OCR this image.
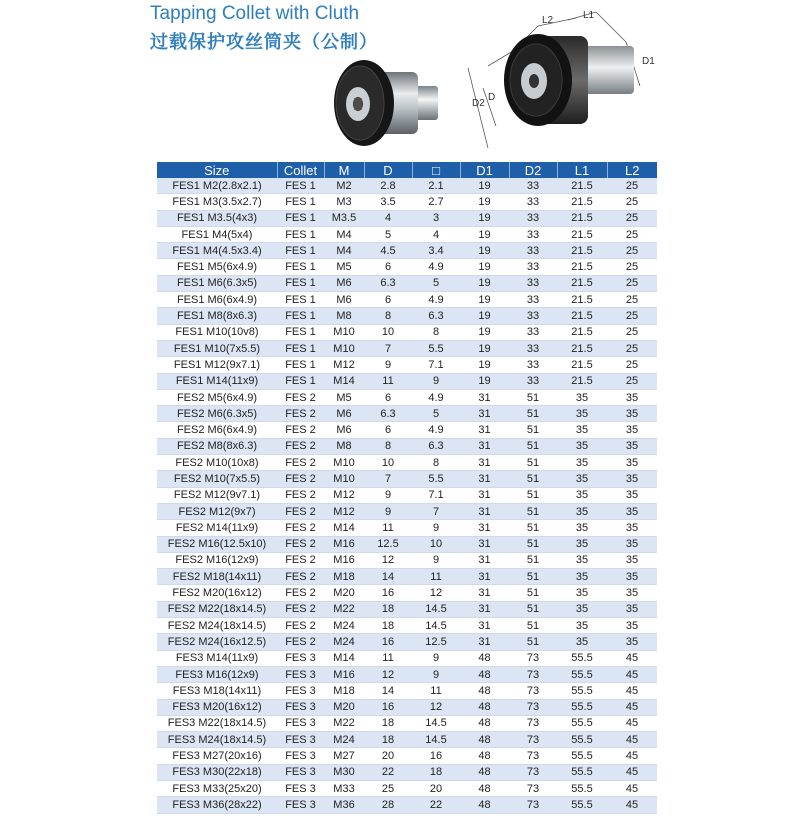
Tapping Collet with Cluth
过载保护攻丝筒夹（公制）
L2	L1
D1
D2
D
Size	Collet	M	D	□	D1	D2	L1	L2
FES1 M2(2.8x2.1)	FES 1	M2	2.8	2.1	19	33	21.5	25
FES1 M3(3.5x2.7)	FES 1	M3	3.5	2.7	19	33	21.5	25
FES1 M3.5(4x3)	FES 1	M3.5	4	3	19	33	21.5	25
FES1 M4(5x4)	FES 1	M4	5	4	19	33	21.5	25
FES1 M4(4.5x3.4)	FES 1	M4	4.5	3.4	19	33	21.5	25
FES1 M5(6x4.9)	FES 1	M5	6	4.9	19	33	21.5	25
FES1 M6(6.3x5)	FES 1	M6	6.3	5	19	33	21.5	25
FES1 M6(6x4.9)	FES 1	M6	6	4.9	19	33	21.5	25
FES1 M8(8x6.3)	FES 1	M8	8	6.3	19	33	21.5	25
FES1 M10(10v8)	FES 1	M10	10	8	19	33	21.5	25
FES1 M10(7x5.5)	FES 1	M10	7	5.5	19	33	21.5	25
FES1 M12(9x7.1)	FES 1	M12	9	7.1	19	33	21.5	25
FES1 M14(11x9)	FES 1	M14	11	9	19	33	21.5	25
FES2 M5(6x4.9)	FES 2	M5	6	4.9	31	51	35	35
FES2 M6(6.3x5)	FES 2	M6	6.3	5	31	51	35	35
FES2 M6(6x4.9)	FES 2	M6	6	4.9	31	51	35	35
FES2 M8(8x6.3)	FES 2	M8	8	6.3	31	51	35	35
FES2 M10(10x8)	FES 2	M10	10	8	31	51	35	35
FES2 M10(7x5.5)	FES 2	M10	7	5.5	31	51	35	35
FES2 M12(9v7.1)	FES 2	M12	9	7.1	31	51	35	35
FES2 M12(9x7)	FES 2	M12	9	7	31	51	35	35
FES2 M14(11x9)	FES 2	M14	11	9	31	51	35	35
FES2 M16(12.5x10)	FES 2	M16	12.5	10	31	51	35	35
FES2 M16(12x9)	FES 2	M16	12	9	31	51	35	35
FES2 M18(14x11)	FES 2	M18	14	11	31	51	35	35
FES2 M20(16x12)	FES 2	M20	16	12	31	51	35	35
FES2 M22(18x14.5)	FES 2	M22	18	14.5	31	51	35	35
FES2 M24(18x14.5)	FES 2	M24	18	14.5	31	51	35	35
FES2 M24(16x12.5)	FES 2	M24	16	12.5	31	51	35	35
FES3 M14(11x9)	FES 3	M14	11	9	48	73	55.5	45
FES3 M16(12x9)	FES 3	M16	12	9	48	73	55.5	45
FES3 M18(14x11)	FES 3	M18	14	11	48	73	55.5	45
FES3 M20(16x12)	FES 3	M20	16	12	48	73	55.5	45
FES3 M22(18x14.5)	FES 3	M22	18	14.5	48	73	55.5	45
FES3 M24(18x14.5)	FES 3	M24	18	14.5	48	73	55.5	45
FES3 M27(20x16)	FES 3	M27	20	16	48	73	55.5	45
FES3 M30(22x18)	FES 3	M30	22	18	48	73	55.5	45
FES3 M33(25x20)	FES 3	M33	25	20	48	73	55.5	45
FES3 M36(28x22)	FES 3	M36	28	22	48	73	55.5	45
